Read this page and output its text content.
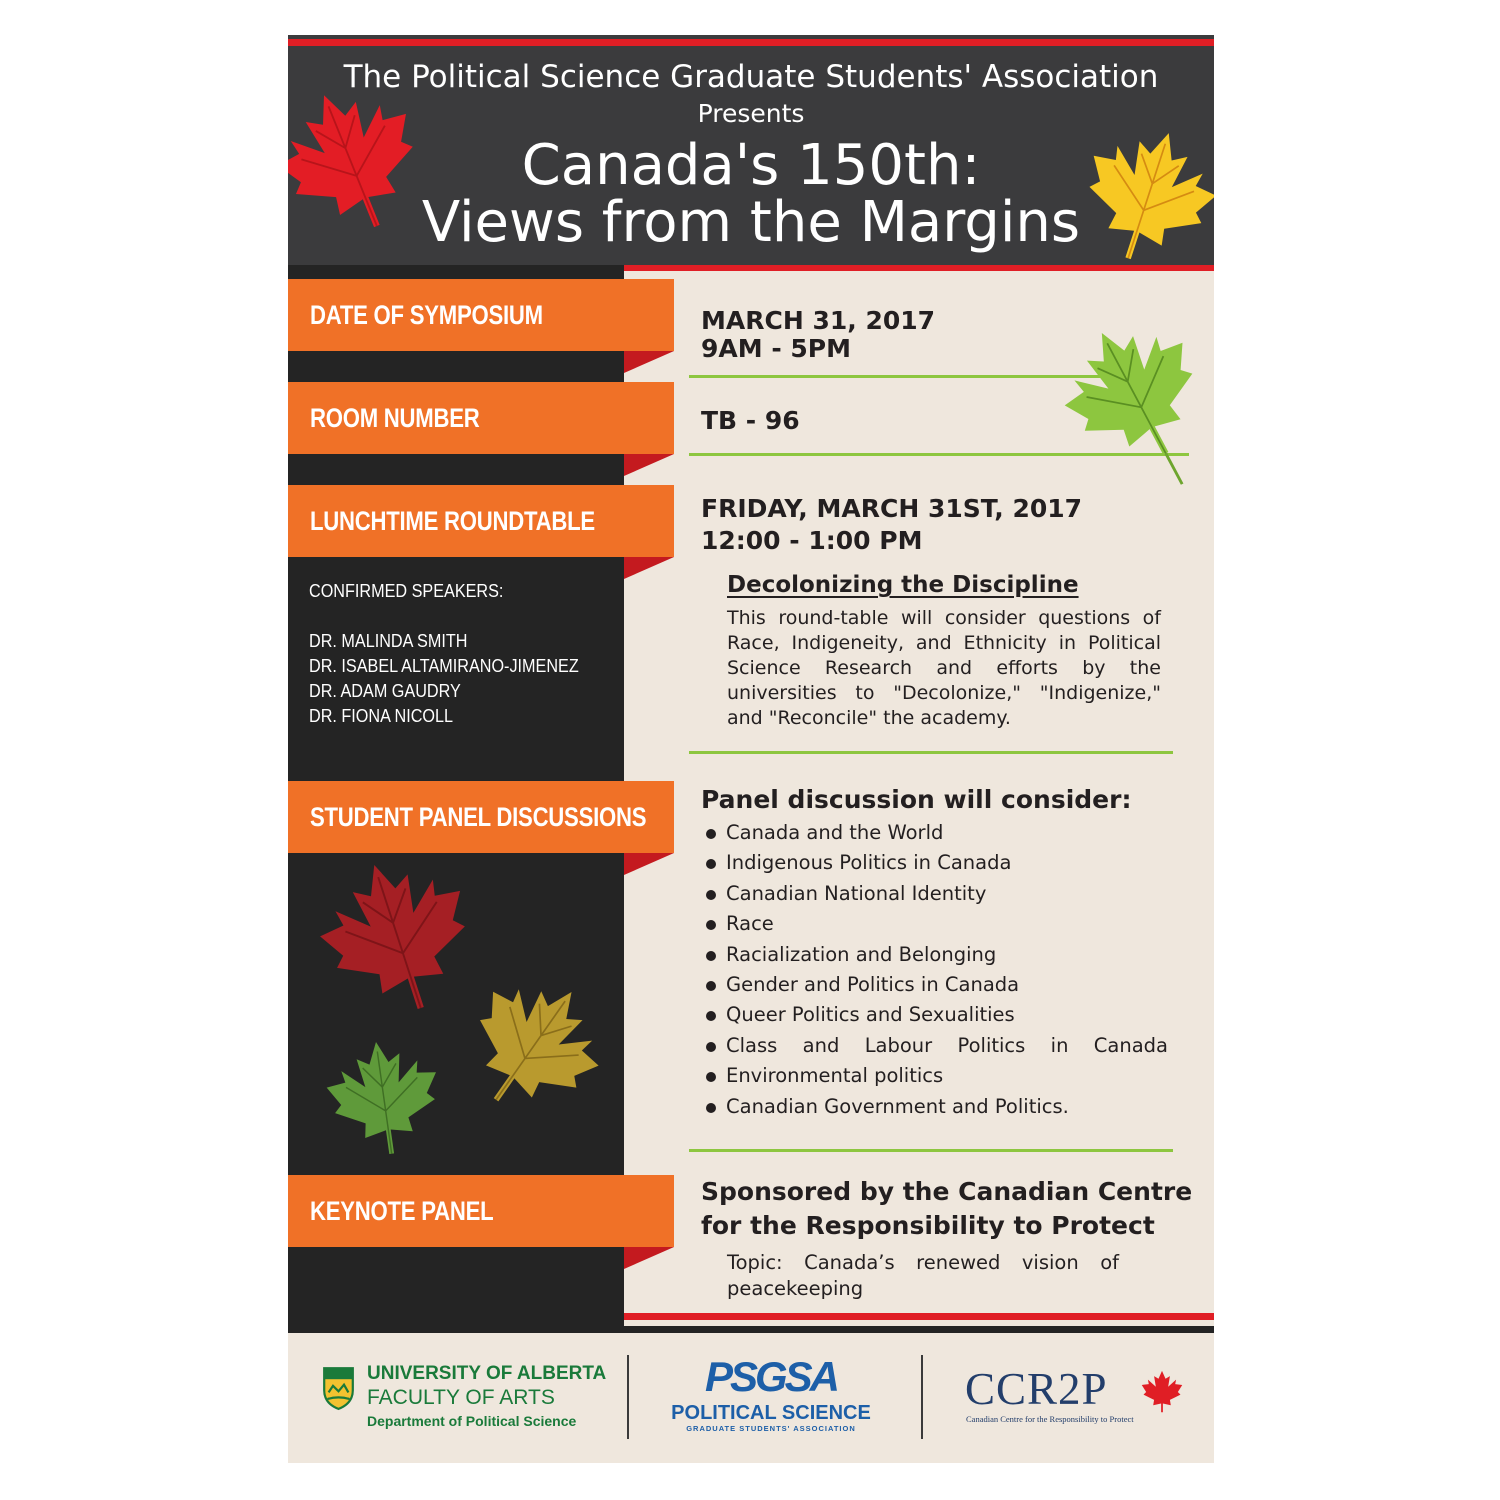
The Political Science Graduate Students' Association
Presents
Canada's 150th:
Views from the Margins
DATE OF SYMPOSIUM
ROOM NUMBER
LUNCHTIME ROUNDTABLE
STUDENT PANEL DISCUSSIONS
KEYNOTE PANEL
CONFIRMED SPEAKERS:
DR. MALINDA SMITH
DR. ISABEL ALTAMIRANO-JIMENEZ
DR. ADAM GAUDRY
DR. FIONA NICOLL
MARCH 31, 2017
9AM - 5PM
TB - 96
FRIDAY, MARCH 31ST, 2017
12:00 - 1:00 PM
Decolonizing the Discipline
This round-table will consider questions of Race, Indigeneity, and Ethnicity in Political Science Research and efforts by the universities to "Decolonize," "Indigenize," and "Reconcile" the academy.
Panel discussion will consider:
Canada and the World
Indigenous Politics in Canada
Canadian National Identity
Race
Racialization and Belonging
Gender and Politics in Canada
Queer Politics and Sexualities
Class and Labour Politics in Canada
Environmental politics
Canadian Government and Politics.
Sponsored by the Canadian Centre
for the Responsibility to Protect
Topic: Canada’s renewed vision of peacekeeping
UNIVERSITY OF ALBERTA
FACULTY OF ARTS
Department of Political Science
PSGSA
POLITICAL SCIENCE
GRADUATE STUDENTS' ASSOCIATION
CCR2P
Canadian Centre for the Responsibility to Protect
